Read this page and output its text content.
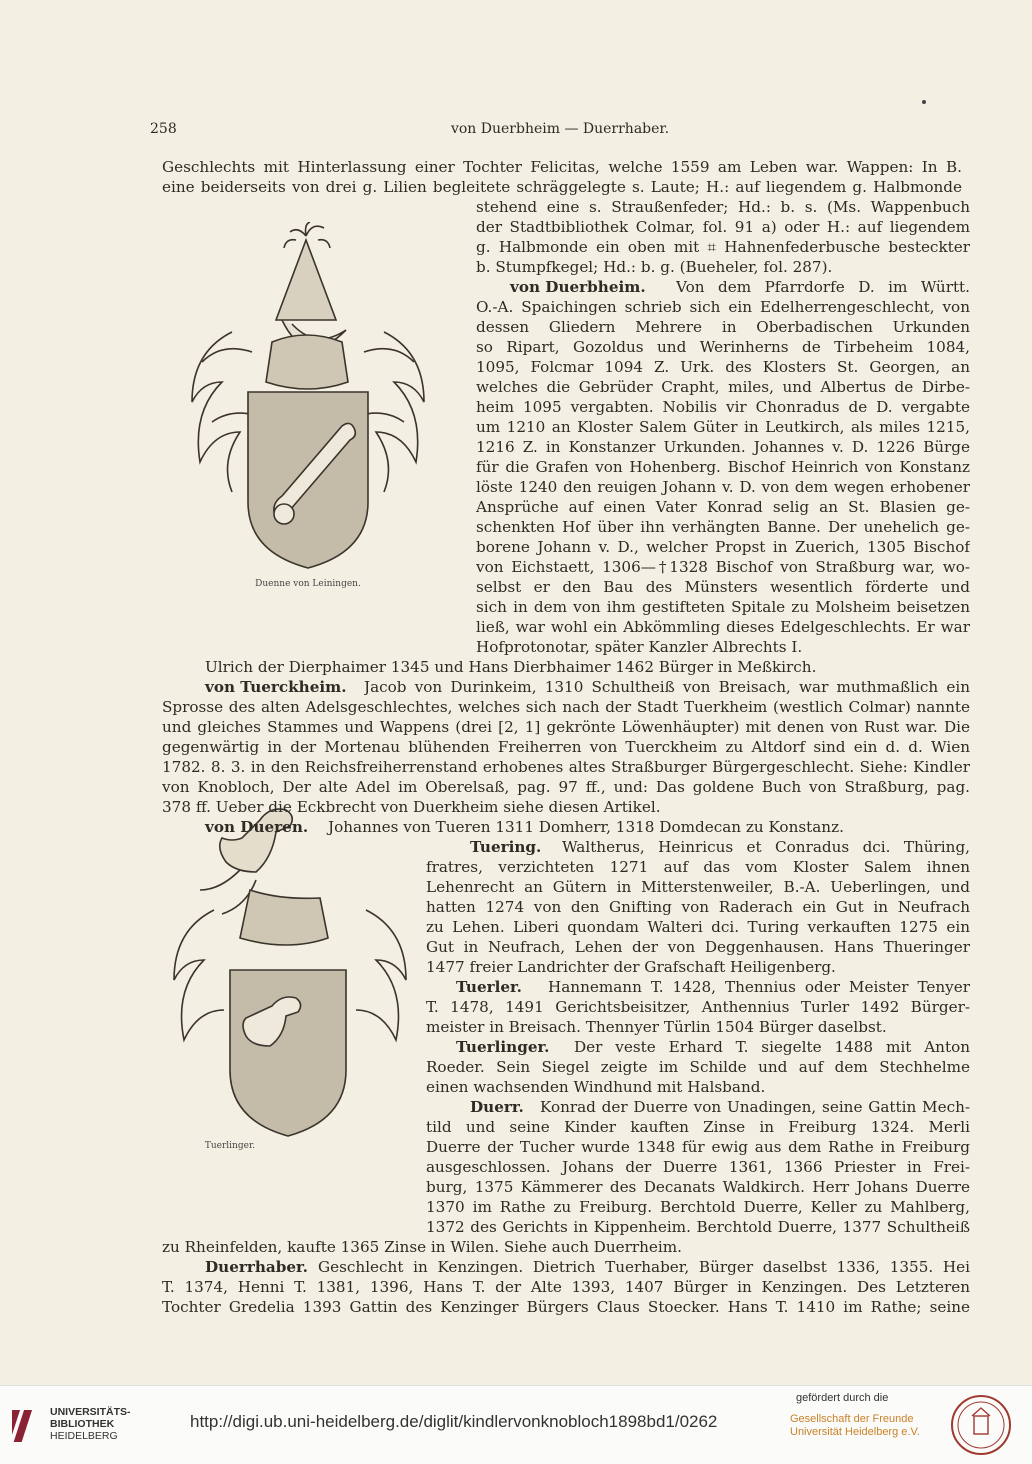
258	von Duerbheim — Duerrhaber.
Duenne von Leiningen.
Tuerlinger.
Geschlechts mit Hinterlassung einer Tochter Felicitas, welche 1559 am Leben war. Wappen: In B.
eine beiderseits von drei g. Lilien begleitete schräggelegte s. Laute; H.: auf liegendem g. Halbmonde
stehend eine s. Straußenfeder; Hd.: b. s. (Ms. Wappenbuch
der Stadtbibliothek Colmar, fol. 91 a) oder H.: auf liegendem
g. Halbmonde ein oben mit ⌗ Hahnenfederbusche besteckter
b. Stumpfkegel; Hd.: b. g. (Bueheler, fol. 287).
von Duerbheim. Von dem Pfarrdorfe D. im Württ.
O.-A. Spaichingen schrieb sich ein Edelherrengeschlecht, von
dessen Gliedern Mehrere in Oberbadischen Urkunden
so Ripart, Gozoldus und Werinherns de Tirbeheim 1084,
1095, Folcmar 1094 Z. Urk. des Klosters St. Georgen, an
welches die Gebrüder Crapht, miles, und Albertus de Dirbe-
heim 1095 vergabten. Nobilis vir Chonradus de D. vergabte
um 1210 an Kloster Salem Güter in Leutkirch, als miles 1215,
1216 Z. in Konstanzer Urkunden. Johannes v. D. 1226 Bürge
für die Grafen von Hohenberg. Bischof Heinrich von Konstanz
löste 1240 den reuigen Johann v. D. von dem wegen erhobener
Ansprüche auf einen Vater Konrad selig an St. Blasien ge-
schenkten Hof über ihn verhängten Banne. Der unehelich ge-
borene Johann v. D., welcher Propst in Zuerich, 1305 Bischof
von Eichstaett, 1306—†1328 Bischof von Straßburg war, wo-
selbst er den Bau des Münsters wesentlich förderte und
sich in dem von ihm gestifteten Spitale zu Molsheim beisetzen
ließ, war wohl ein Abkömmling dieses Edelgeschlechts. Er war
Hofprotonotar, später Kanzler Albrechts I.
Ulrich der Dierphaimer 1345 und Hans Dierbhaimer 1462 Bürger in Meßkirch.
von Tuerckheim. Jacob von Durinkeim, 1310 Schultheiß von Breisach, war muthmaßlich ein
Sprosse des alten Adelsgeschlechtes, welches sich nach der Stadt Tuerkheim (westlich Colmar) nannte
und gleiches Stammes und Wappens (drei [2, 1] gekrönte Löwenhäupter) mit denen von Rust war. Die
gegenwärtig in der Mortenau blühenden Freiherren von Tuerckheim zu Altdorf sind ein d. d. Wien
1782. 8. 3. in den Reichsfreiherrenstand erhobenes altes Straßburger Bürgergeschlecht. Siehe: Kindler
von Knobloch, Der alte Adel im Oberelsaß, pag. 97 ff., und: Das goldene Buch von Straßburg, pag.
378 ff. Ueber die Eckbrecht von Duerkheim siehe diesen Artikel.
von Dueren. Johannes von Tueren 1311 Domherr, 1318 Domdecan zu Konstanz.
Tuering. Waltherus, Heinricus et Conradus dci. Thüring,
fratres, verzichteten 1271 auf das vom Kloster Salem ihnen
Lehenrecht an Gütern in Mitterstenweiler, B.-A. Ueberlingen, und
hatten 1274 von den Gnifting von Raderach ein Gut in Neufrach
zu Lehen. Liberi quondam Walteri dci. Turing verkauften 1275 ein
Gut in Neufrach, Lehen der von Deggenhausen. Hans Thueringer
1477 freier Landrichter der Grafschaft Heiligenberg.
Tuerler. Hannemann T. 1428, Thennius oder Meister Tenyer
T. 1478, 1491 Gerichtsbeisitzer, Anthennius Turler 1492 Bürger-
meister in Breisach. Thennyer Türlin 1504 Bürger daselbst.
Tuerlinger. Der veste Erhard T. siegelte 1488 mit Anton
Roeder. Sein Siegel zeigte im Schilde und auf dem Stechhelme
einen wachsenden Windhund mit Halsband.
Duerr. Konrad der Duerre von Unadingen, seine Gattin Mech-
tild und seine Kinder kauften Zinse in Freiburg 1324. Merli
Duerre der Tucher wurde 1348 für ewig aus dem Rathe in Freiburg
ausgeschlossen. Johans der Duerre 1361, 1366 Priester in Frei-
burg, 1375 Kämmerer des Decanats Waldkirch. Herr Johans Duerre
1370 im Rathe zu Freiburg. Berchtold Duerre, Keller zu Mahlberg,
1372 des Gerichts in Kippenheim. Berchtold Duerre, 1377 Schultheiß
zu Rheinfelden, kaufte 1365 Zinse in Wilen. Siehe auch Duerrheim.
Duerrhaber. Geschlecht in Kenzingen. Dietrich Tuerhaber, Bürger daselbst 1336, 1355. Hei
T. 1374, Henni T. 1381, 1396, Hans T. der Alte 1393, 1407 Bürger in Kenzingen. Des Letzteren
Tochter Gredelia 1393 Gattin des Kenzinger Bürgers Claus Stoecker. Hans T. 1410 im Rathe; seine
UNIVERSITÄTS-
BIBLIOTHEK
HEIDELBERG
http://digi.ub.uni-heidelberg.de/diglit/kindlervonknobloch1898bd1/0262
gefördert durch die
Gesellschaft der Freunde
Universität Heidelberg e.V.
